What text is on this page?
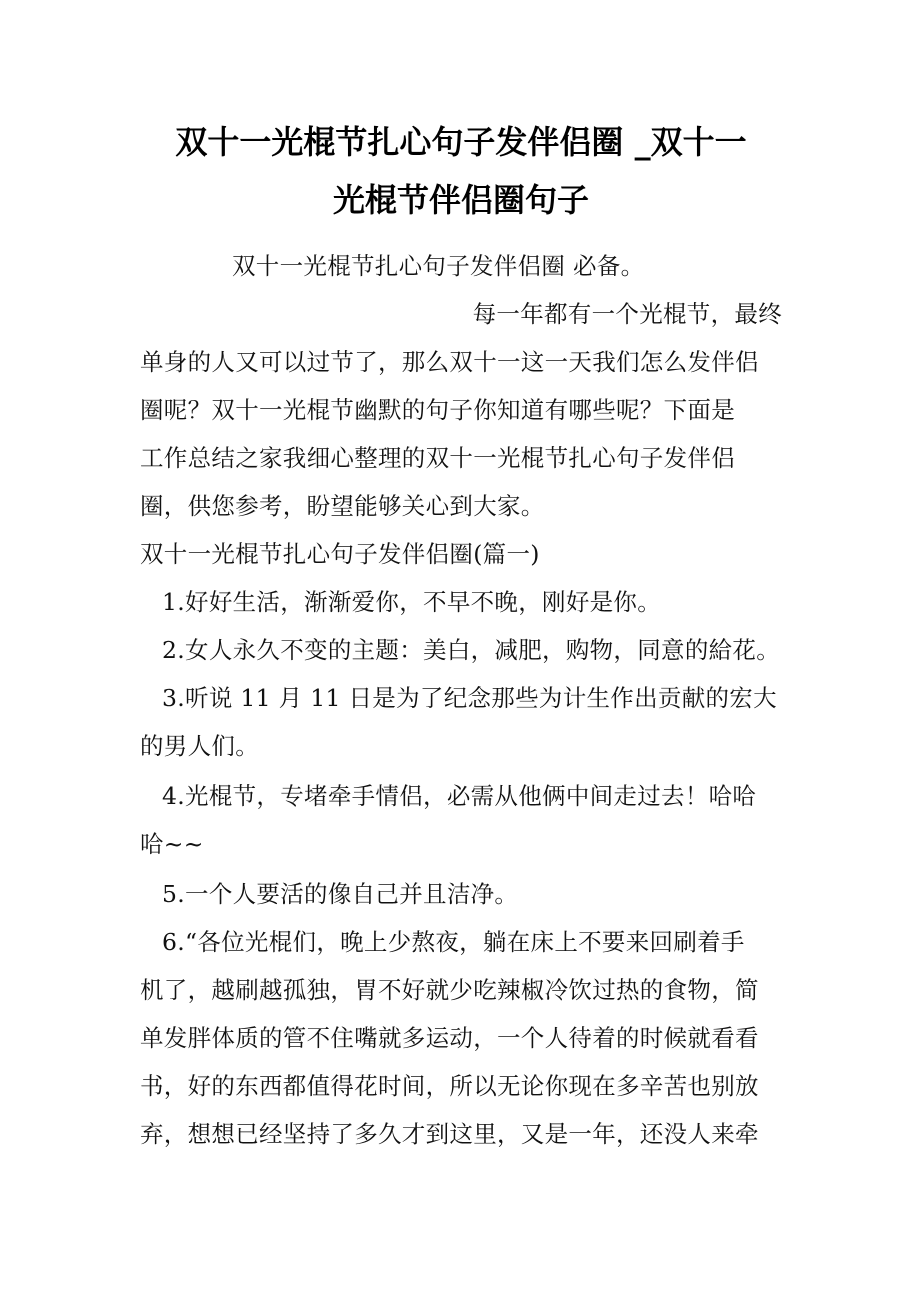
双十一光棍节扎心句子发伴侣圈 _双十一
光棍节伴侣圈句子
双十一光棍节扎心句子发伴侣圈 必备。
每一年都有一个光棍节，最终
单身的人又可以过节了，那么双十一这一天我们怎么发伴侣
圈呢？双十一光棍节幽默的句子你知道有哪些呢？下面是
工作总结之家我细心整理的双十一光棍节扎心句子发伴侣
圈，供您参考，盼望能够关心到大家。
双十一光棍节扎心句子发伴侣圈(篇一)
1.好好生活，渐渐爱你，不早不晚，刚好是你。
2.女人永久不变的主题：美白，减肥，购物，同意的給花。
3.听说 11 月 11 日是为了纪念那些为计生作出贡献的宏大
的男人们。
4.光棍节，专堵牵手情侣，必需从他俩中间走过去！哈哈
哈~~
5.一个人要活的像自己并且洁净。
6.“各位光棍们，晚上少熬夜，躺在床上不要来回刷着手
机了，越刷越孤独，胃不好就少吃辣椒冷饮过热的食物，简
单发胖体质的管不住嘴就多运动，一个人待着的时候就看看
书，好的东西都值得花时间，所以无论你现在多辛苦也别放
弃，想想已经坚持了多久才到这里，又是一年，还没人来牵
